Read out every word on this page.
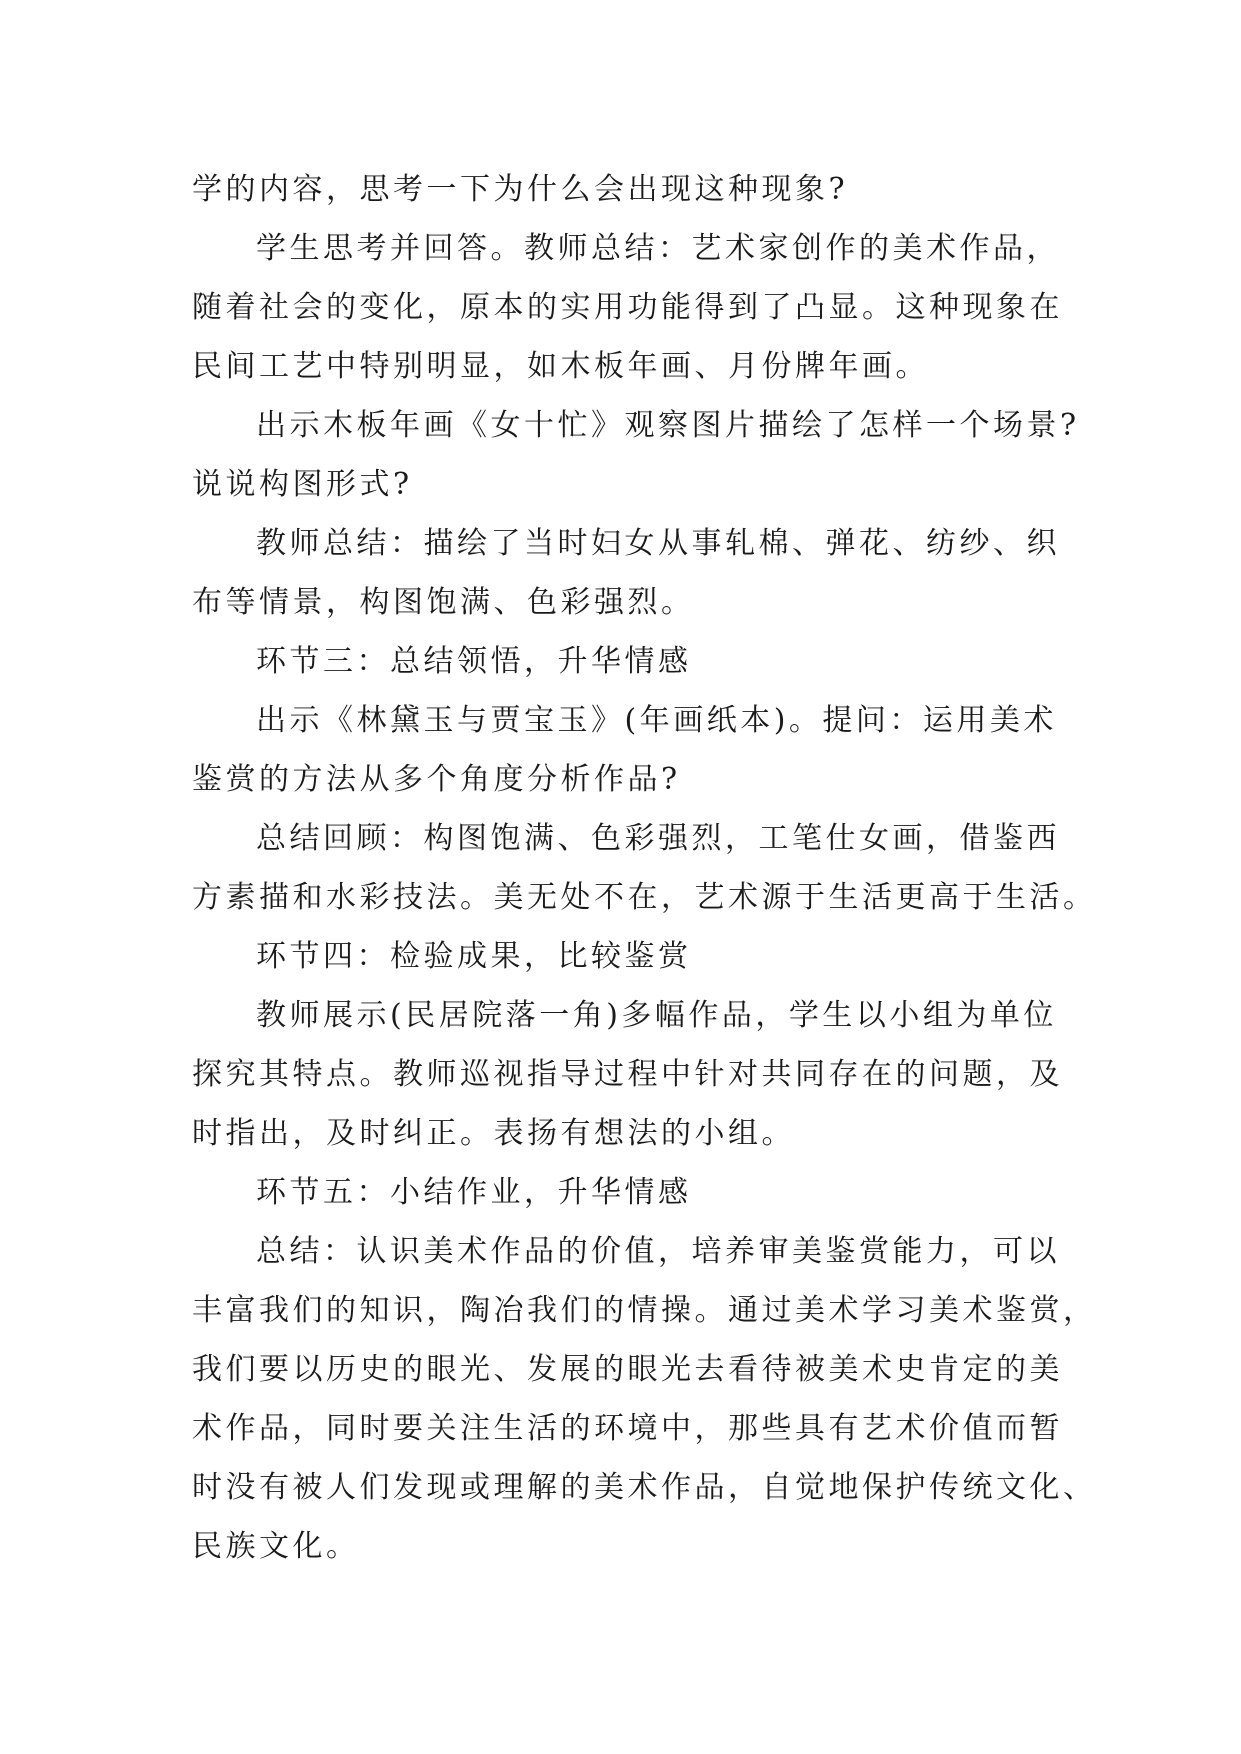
学的内容，思考一下为什么会出现这种现象?
学生思考并回答。教师总结：艺术家创作的美术作品，
随着社会的变化，原本的实用功能得到了凸显。这种现象在
民间工艺中特别明显，如木板年画、月份牌年画。
出示木板年画《女十忙》观察图片描绘了怎样一个场景?
说说构图形式?
教师总结：描绘了当时妇女从事轧棉、弹花、纺纱、织
布等情景，构图饱满、色彩强烈。
环节三：总结领悟，升华情感
出示《林黛玉与贾宝玉》(年画纸本)。提问：运用美术
鉴赏的方法从多个角度分析作品?
总结回顾：构图饱满、色彩强烈，工笔仕女画，借鉴西
方素描和水彩技法。美无处不在，艺术源于生活更高于生活。
环节四：检验成果，比较鉴赏
教师展示(民居院落一角)多幅作品，学生以小组为单位
探究其特点。教师巡视指导过程中针对共同存在的问题，及
时指出，及时纠正。表扬有想法的小组。
环节五：小结作业，升华情感
总结：认识美术作品的价值，培养审美鉴赏能力，可以
丰富我们的知识，陶冶我们的情操。通过美术学习美术鉴赏，
我们要以历史的眼光、发展的眼光去看待被美术史肯定的美
术作品，同时要关注生活的环境中，那些具有艺术价值而暂
时没有被人们发现或理解的美术作品，自觉地保护传统文化、
民族文化。
